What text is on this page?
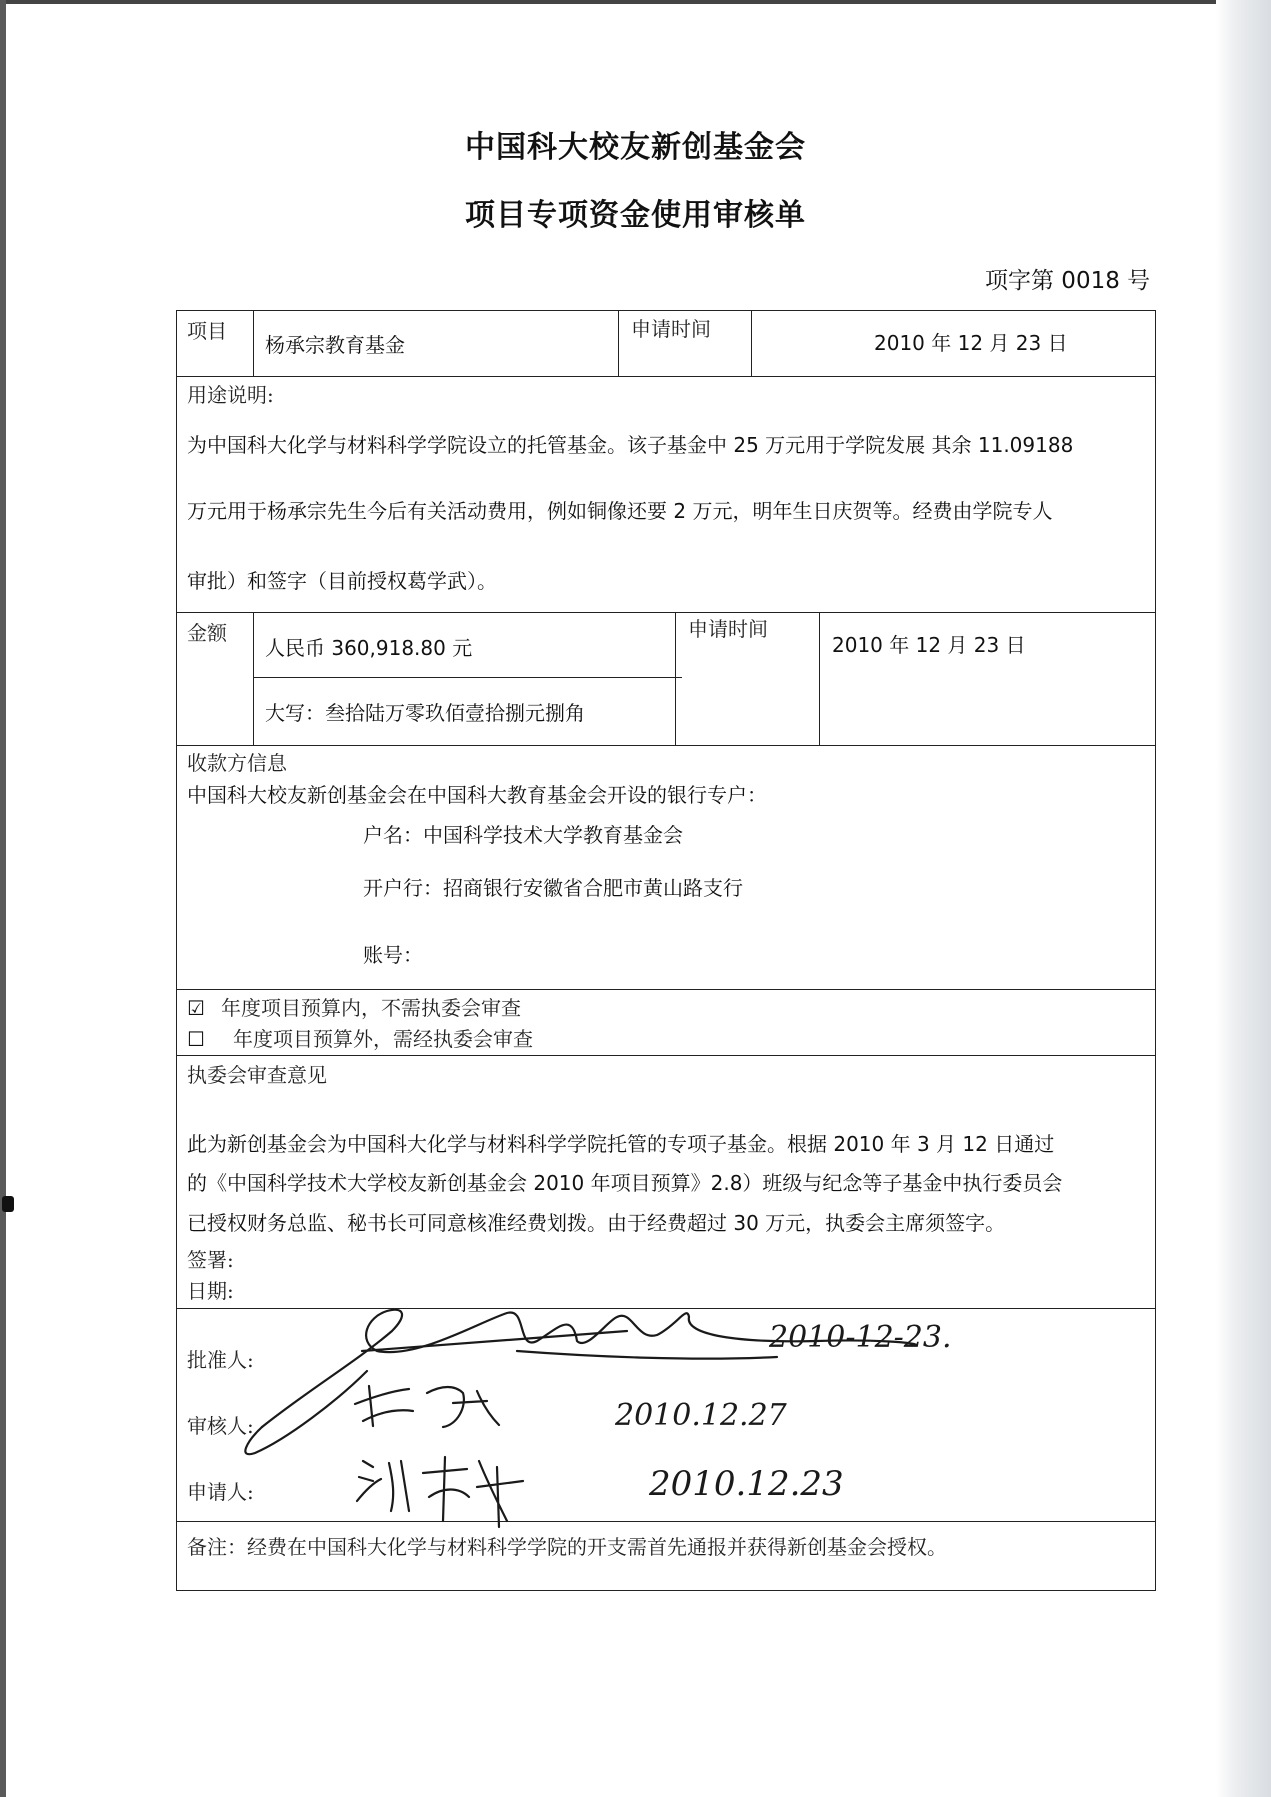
中国科大校友新创基金会
项目专项资金使用审核单
项字第 0018 号
项目
杨承宗教育基金
申请时间
2010 年 12 月 23 日
用途说明:
为中国科大化学与材料科学学院设立的托管基金。该子基金中 25 万元用于学院发展 其余 11.09188
万元用于杨承宗先生今后有关活动费用，例如铜像还要 2 万元，明年生日庆贺等。经费由学院专人
审批）和签字（目前授权葛学武）。
金额
人民币 360,918.80 元
大写：叁拾陆万零玖佰壹拾捌元捌角
申请时间
2010 年 12 月 23 日
收款方信息
中国科大校友新创基金会在中国科大教育基金会开设的银行专户：
户名：中国科学技术大学教育基金会
开户行：招商银行安徽省合肥市黄山路支行
账号：
☑ 年度项目预算内，不需执委会审查
☐ 年度项目预算外，需经执委会审查
执委会审查意见
此为新创基金会为中国科大化学与材料科学学院托管的专项子基金。根据 2010 年 3 月 12 日通过
的《中国科学技术大学校友新创基金会 2010 年项目预算》2.8）班级与纪念等子基金中执行委员会
已授权财务总监、秘书长可同意核准经费划拨。由于经费超过 30 万元，执委会主席须签字。
签署:
日期:
批准人:
审核人:
申请人:
2010-12-23.
2010.12.27
2010.12.23
备注：经费在中国科大化学与材料科学学院的开支需首先通报并获得新创基金会授权。
